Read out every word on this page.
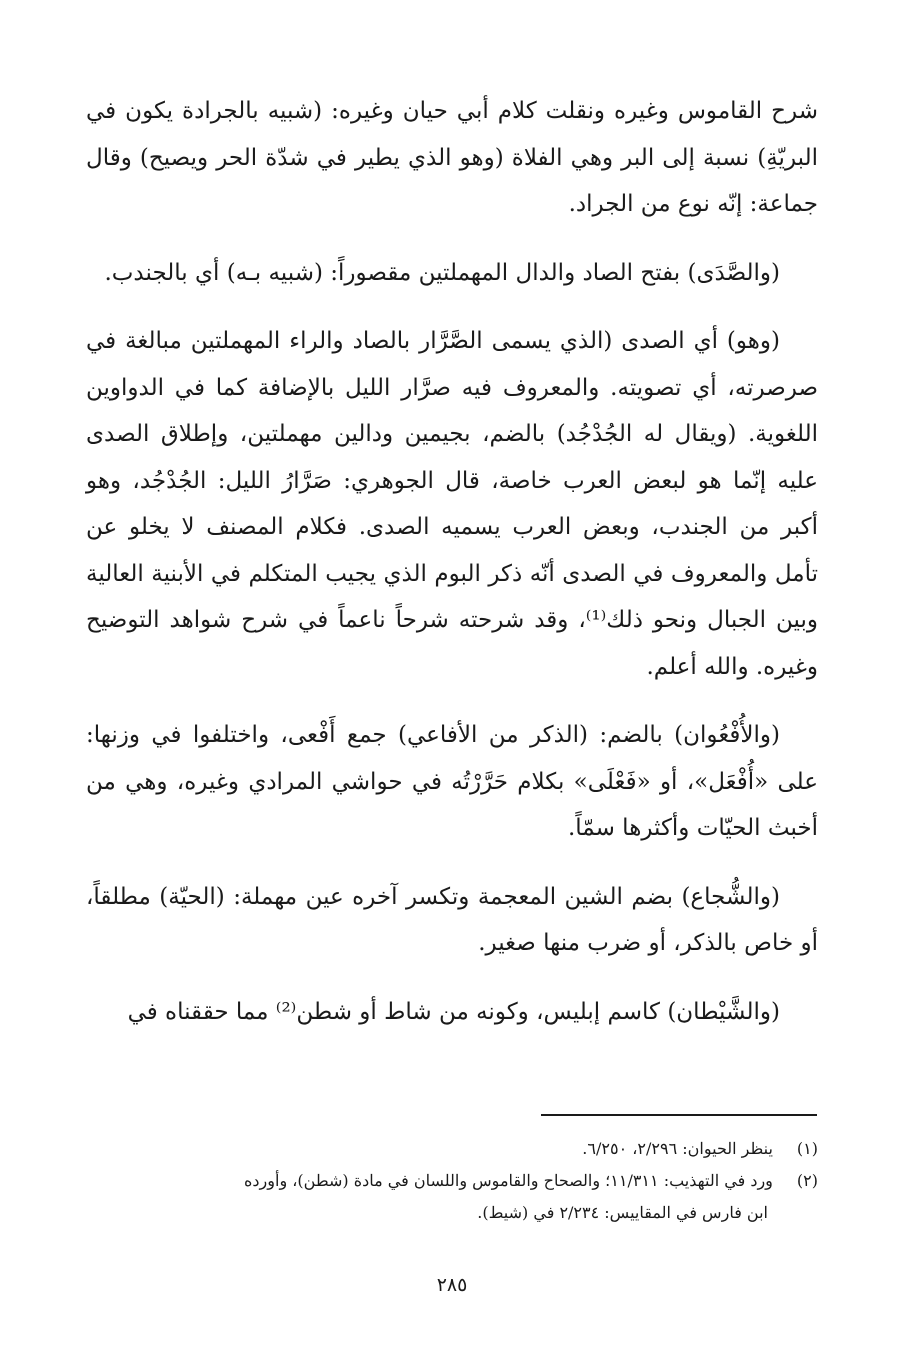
شرح القاموس وغيره ونقلت كلام أبي حيان وغيره: (شبيه بالجرادة يكون في البريّةِ) نسبة إلى البر وهي الفلاة (وهو الذي يطير في شدّة الحر ويصيح) وقال جماعة: إنّه نوع من الجراد.

(والصَّدَى) بفتح الصاد والدال المهملتين مقصوراً: (شبيه بـه) أي بالجندب.

(وهو) أي الصدى (الذي يسمى الصَّرَّار بالصاد والراء المهملتين مبالغة في صرصرته، أي تصويته. والمعروف فيه صرَّار الليل بالإضافة كما في الدواوين اللغوية. (ويقال له الجُدْجُد) بالضم، بجيمين ودالين مهملتين، وإطلاق الصدى عليه إنّما هو لبعض العرب خاصة، قال الجوهري: صَرَّارُ الليل: الجُدْجُد، وهو أكبر من الجندب، وبعض العرب يسميه الصدى. فكلام المصنف لا يخلو عن تأمل والمعروف في الصدى أنّه ذكر البوم الذي يجيب المتكلم في الأبنية العالية وبين الجبال ونحو ذلك⁽¹⁾، وقد شرحته شرحاً ناعماً في شرح شواهد التوضيح وغيره. والله أعلم.

(والأُفْعُوان) بالضم: (الذكر من الأفاعي) جمع أَفْعى، واختلفوا في وزنها: على «أُفْعَل»، أو «فَعْلَى» بكلام حَرَّرْتُه في حواشي المرادي وغيره، وهي من أخبث الحيّات وأكثرها سمّاً.

(والشُّجاع) بضم الشين المعجمة وتكسر آخره عين مهملة: (الحيّة) مطلقاً، أو خاص بالذكر، أو ضرب منها صغير.

(والشَّيْطان) كاسم إبليس، وكونه من شاط أو شطن⁽²⁾ مما حققناه في

(١) ينظر الحيوان: ٢/٢٩٦، ٦/٢٥٠.

(٢) ورد في التهذيب: ١١/٣١١؛ والصحاح والقاموس واللسان في مادة (شطن)، وأورده

ابن فارس في المقاييس: ٢/٢٣٤ في (شيط).

٢٨٥
